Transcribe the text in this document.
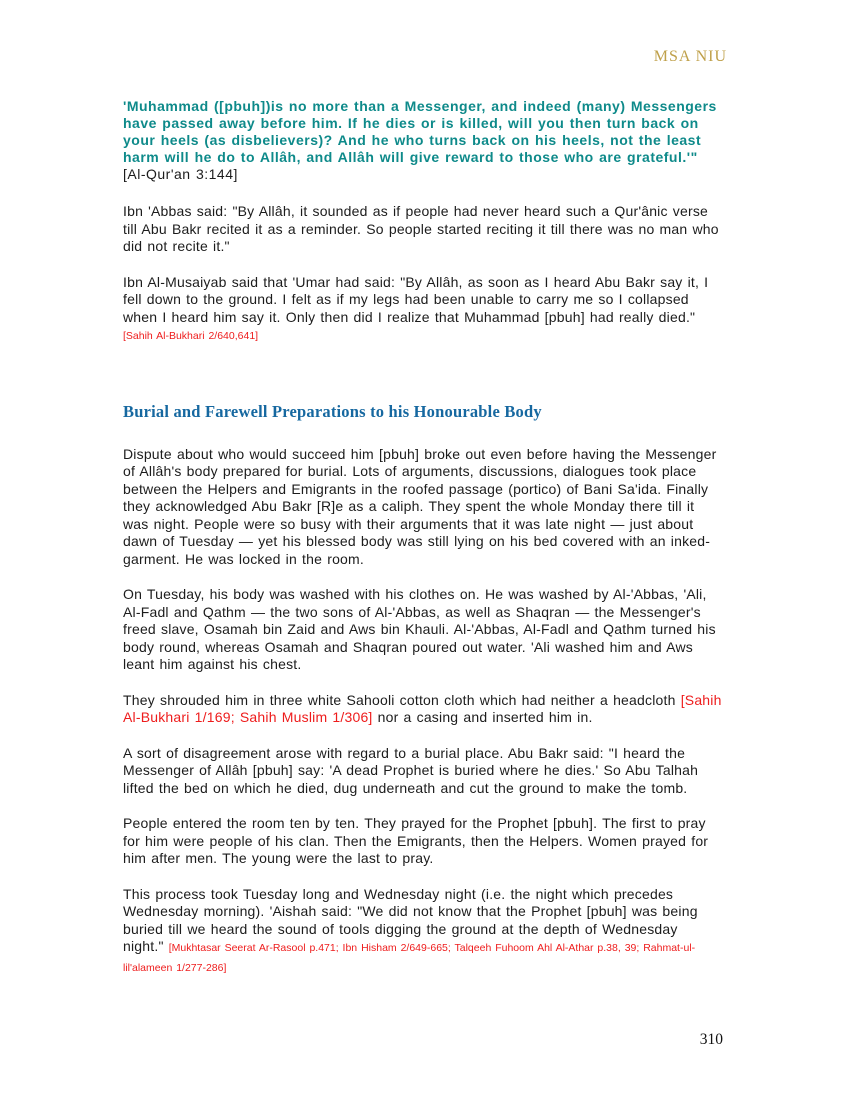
MSA NIU

'Muhammad ([pbuh])is no more than a Messenger, and indeed (many) Messengers have passed away before him. If he dies or is killed, will you then turn back on your heels (as disbelievers)? And he who turns back on his heels, not the least harm will he do to Allâh, and Allâh will give reward to those who are grateful.'" [Al-Qur'an 3:144]

Ibn 'Abbas said: "By Allâh, it sounded as if people had never heard such a Qur'ânic verse till Abu Bakr recited it as a reminder. So people started reciting it till there was no man who did not recite it."

Ibn Al-Musaiyab said that 'Umar had said: "By Allâh, as soon as I heard Abu Bakr say it, I fell down to the ground. I felt as if my legs had been unable to carry me so I collapsed when I heard him say it. Only then did I realize that Muhammad [pbuh] had really died." [Sahih Al-Bukhari 2/640,641]

Burial and Farewell Preparations to his Honourable Body

Dispute about who would succeed him [pbuh] broke out even before having the Messenger of Allâh's body prepared for burial. Lots of arguments, discussions, dialogues took place between the Helpers and Emigrants in the roofed passage (portico) of Bani Sa'ida. Finally they acknowledged Abu Bakr [R]e as a caliph. They spent the whole Monday there till it was night. People were so busy with their arguments that it was late night — just about dawn of Tuesday — yet his blessed body was still lying on his bed covered with an inked-garment. He was locked in the room.

On Tuesday, his body was washed with his clothes on. He was washed by Al-'Abbas, 'Ali, Al-Fadl and Qathm — the two sons of Al-'Abbas, as well as Shaqran — the Messenger's freed slave, Osamah bin Zaid and Aws bin Khauli. Al-'Abbas, Al-Fadl and Qathm turned his body round, whereas Osamah and Shaqran poured out water. 'Ali washed him and Aws leant him against his chest.

They shrouded him in three white Sahooli cotton cloth which had neither a headcloth [Sahih Al-Bukhari 1/169; Sahih Muslim 1/306] nor a casing and inserted him in.

A sort of disagreement arose with regard to a burial place. Abu Bakr said: "I heard the Messenger of Allâh [pbuh] say: 'A dead Prophet is buried where he dies.' So Abu Talhah lifted the bed on which he died, dug underneath and cut the ground to make the tomb.

People entered the room ten by ten. They prayed for the Prophet [pbuh]. The first to pray for him were people of his clan. Then the Emigrants, then the Helpers. Women prayed for him after men. The young were the last to pray.

This process took Tuesday long and Wednesday night (i.e. the night which precedes Wednesday morning). 'Aishah said: "We did not know that the Prophet [pbuh] was being buried till we heard the sound of tools digging the ground at the depth of Wednesday night." [Mukhtasar Seerat Ar-Rasool p.471; Ibn Hisham 2/649-665; Talqeeh Fuhoom Ahl Al-Athar p.38, 39; Rahmat-ul-lil'alameen 1/277-286]

310
